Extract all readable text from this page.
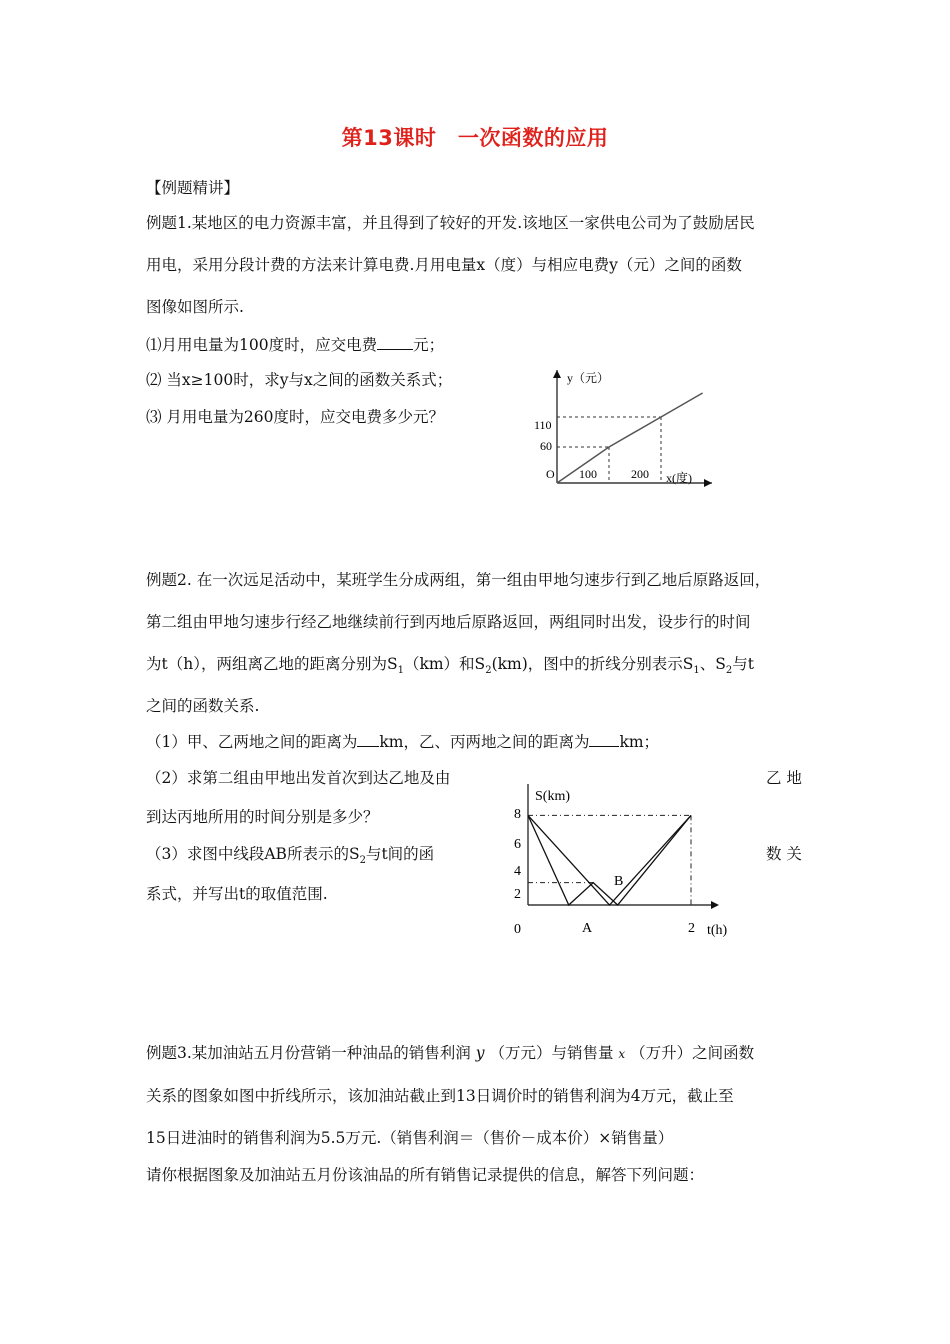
第13课时　一次函数的应用
【例题精讲】
例题1.某地区的电力资源丰富，并且得到了较好的开发.该地区一家供电公司为了鼓励居民
用电，采用分段计费的方法来计算电费.月用电量x（度）与相应电费y（元）之间的函数
图像如图所示.
⑴月用电量为100度时，应交电费 元；
⑵ 当x≥100时，求y与x之间的函数关系式；
⑶ 月用电量为260度时，应交电费多少元？
y（元）
x(度)
O 100	200
60
110
例题2. 在一次远足活动中，某班学生分成两组，第一组由甲地匀速步行到乙地后原路返回，
第二组由甲地匀速步行经乙地继续前行到丙地后原路返回，两组同时出发，设步行的时间
为t（h），两组离乙地的距离分别为$S_1(km)$和$S_2(km)$，图中的折线分别表示$S_1$、$S_2$与t
之间的函数关系.
（1）甲、乙两地之间的距离为 km，乙、丙两地之间的距离为 km；
（2）求第二组由甲地出发首次到达乙地及由	乙 地
到达丙地所用的时间分别是多少？
（3）求图中线段AB所表示的$S_2$与t间的函	数 关
系式，并写出t的取值范围.
S(km)
t(h)
8
6
4
2
0	2
A
B
例题3.某加油站五月份营销一种油品的销售利润 y （万元）与销售量 x （万升）之间函数
关系的图象如图中折线所示，该加油站截止到13日调价时的销售利润为4万元，截止至
15日进油时的销售利润为5.5万元.（销售利润＝（售价－成本价）×销售量）
请你根据图象及加油站五月份该油品的所有销售记录提供的信息，解答下列问题：
